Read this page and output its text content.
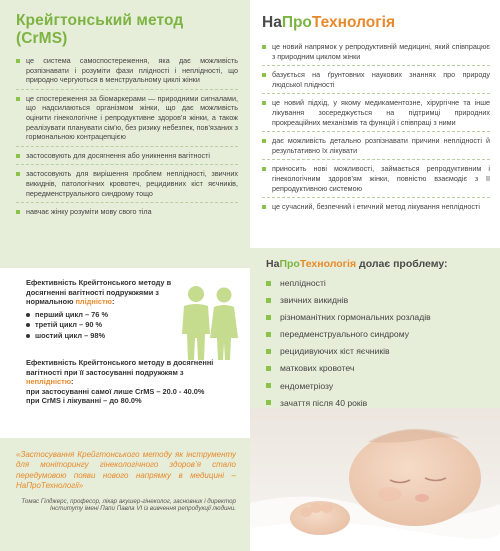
Крейгтонський метод (CrMS)
це система самоспостереження, яка дає можливість розпізнавати і розуміти фази плідності і неплідності, що природно чергуються в менструальному циклі жінки
це спостереження за біомаркерами — природними сигналами, що надсилаються організмом жінки, що дає можливість оцінити гінекологічне і репродуктивне здоров’я жінки, а також реалізувати планувати сім’ю, без ризику небезпек, пов’язаних з гормональною контрацепцією
застосовують для досягнення або уникнення вагітності
застосовують для вирішення проблем неплідності, звичних викиднів, патологічних кровотеч, рецидивних кіст яєчників, передменструального синдрому тощо
навчає жінку розуміти мову свого тіла

Ефективність Крейгтонського методу в досягненні вагітності подружжями з нормальною плідністю:

перший цикл – 76 %
третій цикл – 90 %
шостий цикл – 98%

Ефективність Крейгтонського методу в досягненні вагітності при її застосуванні подружжям з неплідністю:

при застосуванні самої лише CrMS – 20.0 - 40.0%

при CrMS і лікуванні – до 80.0%

«Застосування Крейгтонського методу як інструменту для моніторингу гінекологічного здоров’я стало передумовою появи нового напрямку в медицині – НаПроТехнології»

Томас Гілджерс, професор, лікар акушер-гінеколог, засновник і директор Інституту імені Папи Павла VI із вивчення репродукції людини.

НаПроТехнологія
це новий напрямок у репродуктивній медицині, який співпрацює з природним циклом жінки
базується на ґрунтовних наукових знаннях про природу людської плідності
це новий підхід, у якому медикаментозне, хірургічне та інше лікування зосереджується на підтримці природних прокреаційних механізмів та функцій і співпраці з ними
дає можливість детально розпізнавати причини неплідності й результативно їх лікувати
приносить нові можливості, займається репродуктивним і гінекологічним здоров’ям жінки, повністю взаємодіє з її репродуктивною системою
це сучасний, безпечний і етичний метод лікування неплідності
НаПроТехнологія долає проблему:
неплідності
звичних викиднів
різноманітних гормональних розладів
передменструального синдрому
рецидивуючих кіст яєчників
маткових кровотеч
ендометріозу
зачаття після 40 років
